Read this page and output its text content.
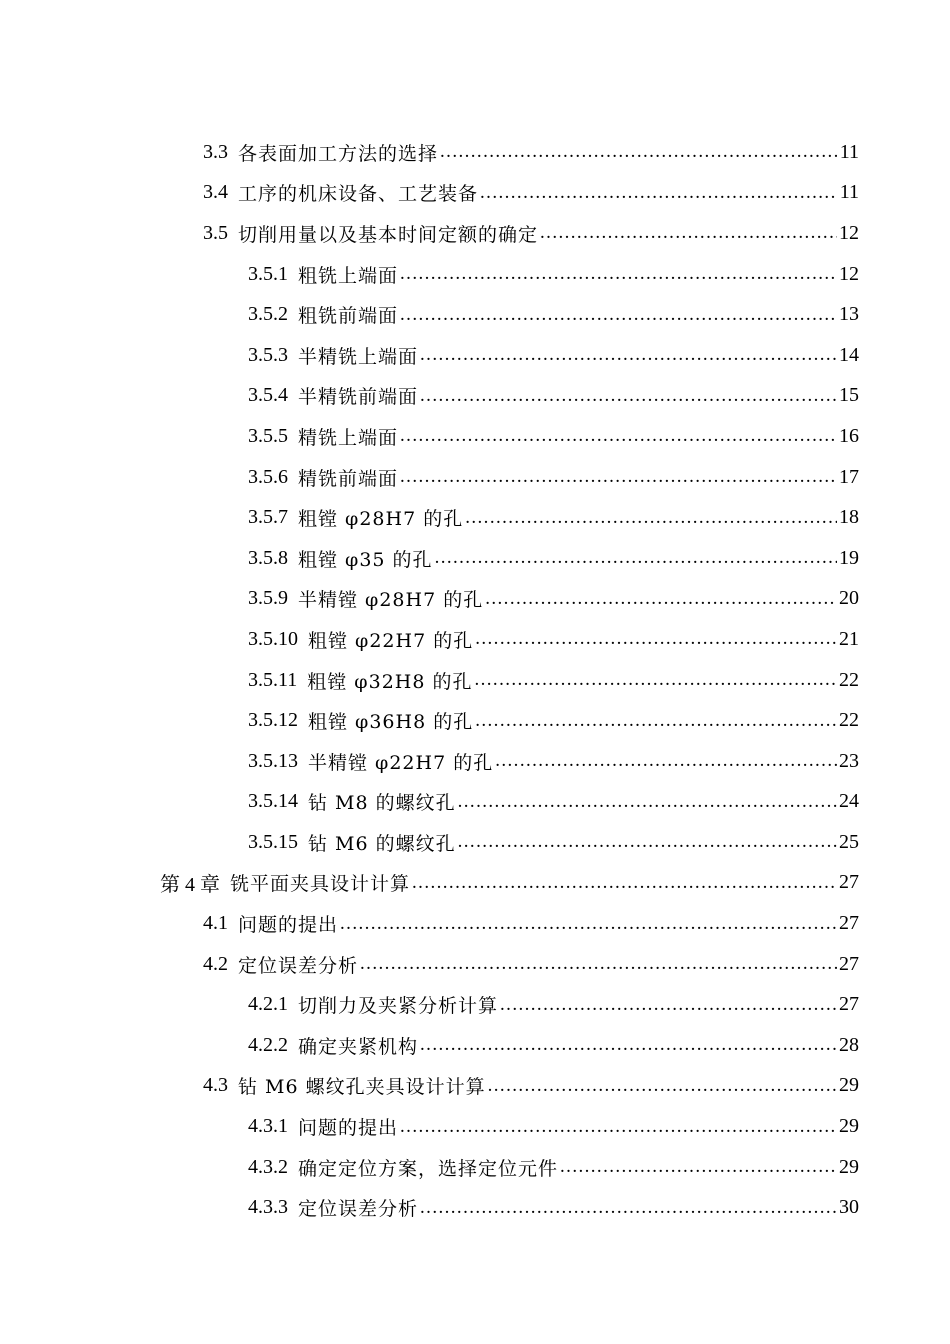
3.3 各表面加工方法的选择 .....	11
3.4 工序的机床设备、工艺装备 .....	11
3.5 切削用量以及基本时间定额的确定 .....	12
3.5.1 粗铣上端面 .....	12
3.5.2 粗铣前端面 .....	13
3.5.3 半精铣上端面 .....	14
3.5.4 半精铣前端面 .....	15
3.5.5 精铣上端面 .....	16
3.5.6 精铣前端面 .....	17
3.5.7 粗镗 φ28H7 的孔 .....	18
3.5.8 粗镗 φ35 的孔 .....	19
3.5.9 半精镗 φ28H7 的孔 .....	20
3.5.10 粗镗 φ22H7 的孔 .....	21
3.5.11 粗镗 φ32H8 的孔 .....	22
3.5.12 粗镗 φ36H8 的孔 .....	22
3.5.13 半精镗 φ22H7 的孔 .....	23
3.5.14 钻 M8 的螺纹孔 .....	24
3.5.15 钻 M6 的螺纹孔 .....	25
第 4 章 铣平面夹具设计计算 .....	27
4.1 问题的提出 .....	27
4.2 定位误差分析 .....	27
4.2.1 切削力及夹紧分析计算 .....	27
4.2.2 确定夹紧机构 .....	28
4.3 钻 M6 螺纹孔夹具设计计算 .....	29
4.3.1 问题的提出 .....	29
4.3.2 确定定位方案，选择定位元件 .....	29
4.3.3 定位误差分析 .....	30
